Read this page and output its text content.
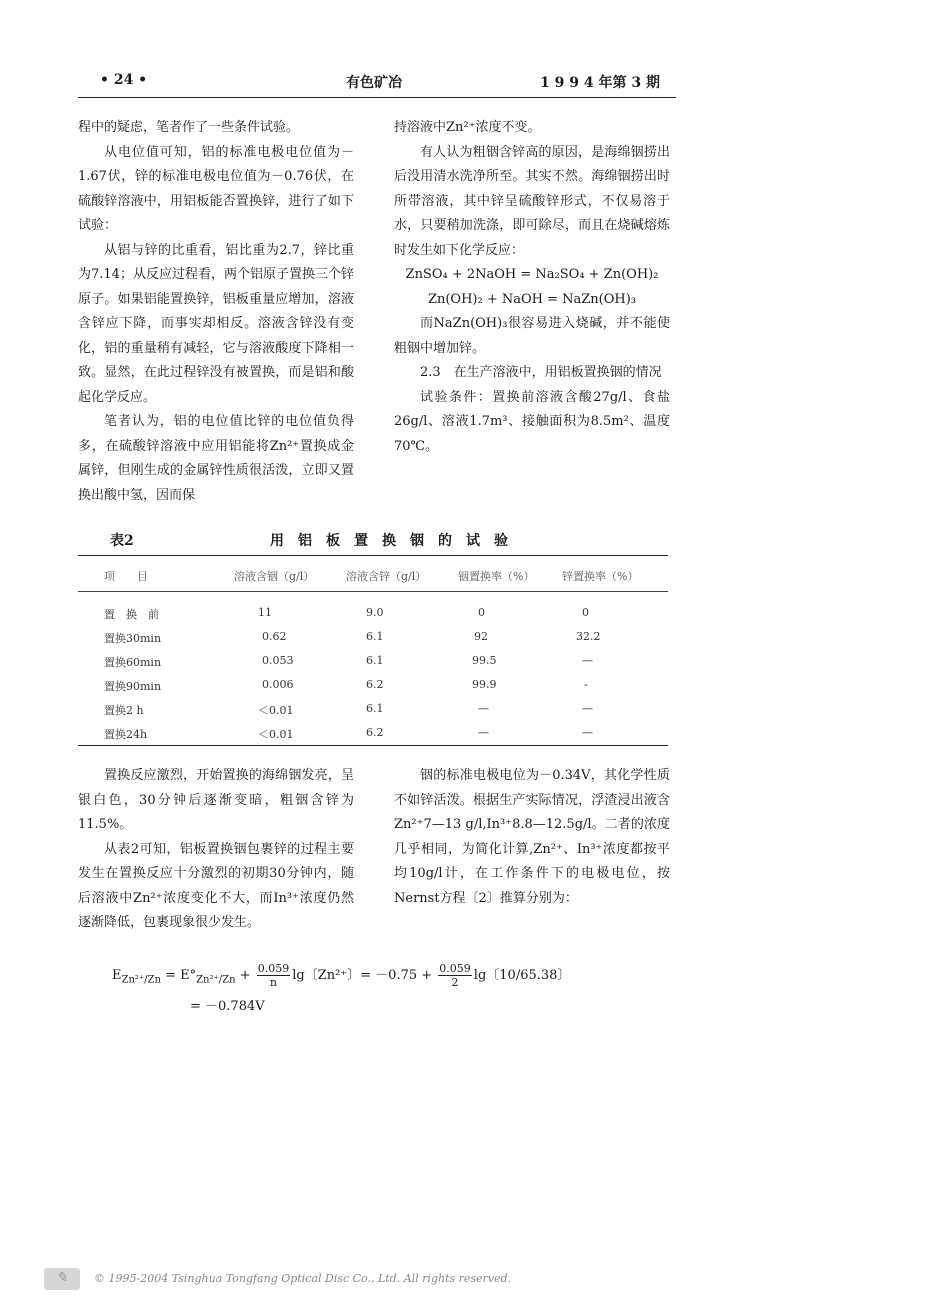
• 24 •	有色矿冶	1 9 9 4 年第 3 期

程中的疑虑，笔者作了一些条件试验。

从电位值可知，铝的标准电极电位值为－1.67伏，锌的标准电极电位值为－0.76伏，在硫酸锌溶液中，用铝板能否置换锌，进行了如下试验：

从铝与锌的比重看，铝比重为2.7，锌比重为7.14；从反应过程看，两个铝原子置换三个锌原子。如果铝能置换锌，铝板重量应增加，溶液含锌应下降，而事实却相反。溶液含锌没有变化，铝的重量稍有减轻，它与溶液酸度下降相一致。显然，在此过程锌没有被置换，而是铝和酸起化学反应。

笔者认为，铝的电位值比锌的电位值负得多，在硫酸锌溶液中应用铝能将Zn²⁺置换成金属锌，但刚生成的金属锌性质很活泼，立即又置换出酸中氢，因而保

持溶液中Zn²⁺浓度不变。

有人认为粗铟含锌高的原因，是海绵铟捞出后没用清水洗净所至。其实不然。海绵铟捞出时所带溶液，其中锌呈硫酸锌形式，不仅易溶于水，只要稍加洗涤，即可除尽，而且在烧碱熔炼时发生如下化学反应：

ZnSO₄ + 2NaOH = Na₂SO₄ + Zn(OH)₂

Zn(OH)₂ + NaOH = NaZn(OH)₃

而NaZn(OH)₃很容易进入烧碱，并不能使粗铟中增加锌。

2.3　在生产溶液中，用铝板置换铟的情况

试验条件：置换前溶液含酸27g/l、食盐26g/l、溶液1.7m³、接触面积为8.5m²、温度70℃。

表2	用　铝　板　置　换　铟　的　试　验
项　　目	溶液含铟（g/l）	溶液含锌（g/l）	铟置换率（%）	锌置换率（%）
置　换　前	11	9.0	0	0
置换30min	0.62	6.1	92	32.2
置换60min	0.053	6.1	99.5	—
置换90min	0.006	6.2	99.9	-
置换2 h	＜0.01	6.1	—	—
置换24h	＜0.01	6.2	—	—

置换反应激烈，开始置换的海绵铟发亮，呈银白色，30分钟后逐渐变暗，粗铟含锌为11.5%。

从表2可知，铝板置换铟包裹锌的过程主要发生在置换反应十分激烈的初期30分钟内，随后溶液中Zn²⁺浓度变化不大，而In³⁺浓度仍然逐渐降低，包裹现象很少发生。

铟的标准电极电位为－0.34V，其化学性质不如锌活泼。根据生产实际情况，浮渣浸出液含Zn²⁺7—13 g/l,In³⁺8.8—12.5g/l。二者的浓度几乎相同，为简化计算,Zn²⁺、In³⁺浓度都按平均10g/l计，在工作条件下的电极电位，按Nernst方程〔2〕推算分别为：

$E_{Zn^{2+}/Zn} = E^\circ_{Zn^{2+}/Zn} + \frac{0.059}{n}$ lg〔Zn²⁺〕= $-0.75 + \frac{0.059}{2}$ lg〔10/65.38〕
= －0.784V
✎ © 1995-2004 Tsinghua Tongfang Optical Disc Co., Ltd. All rights reserved.
